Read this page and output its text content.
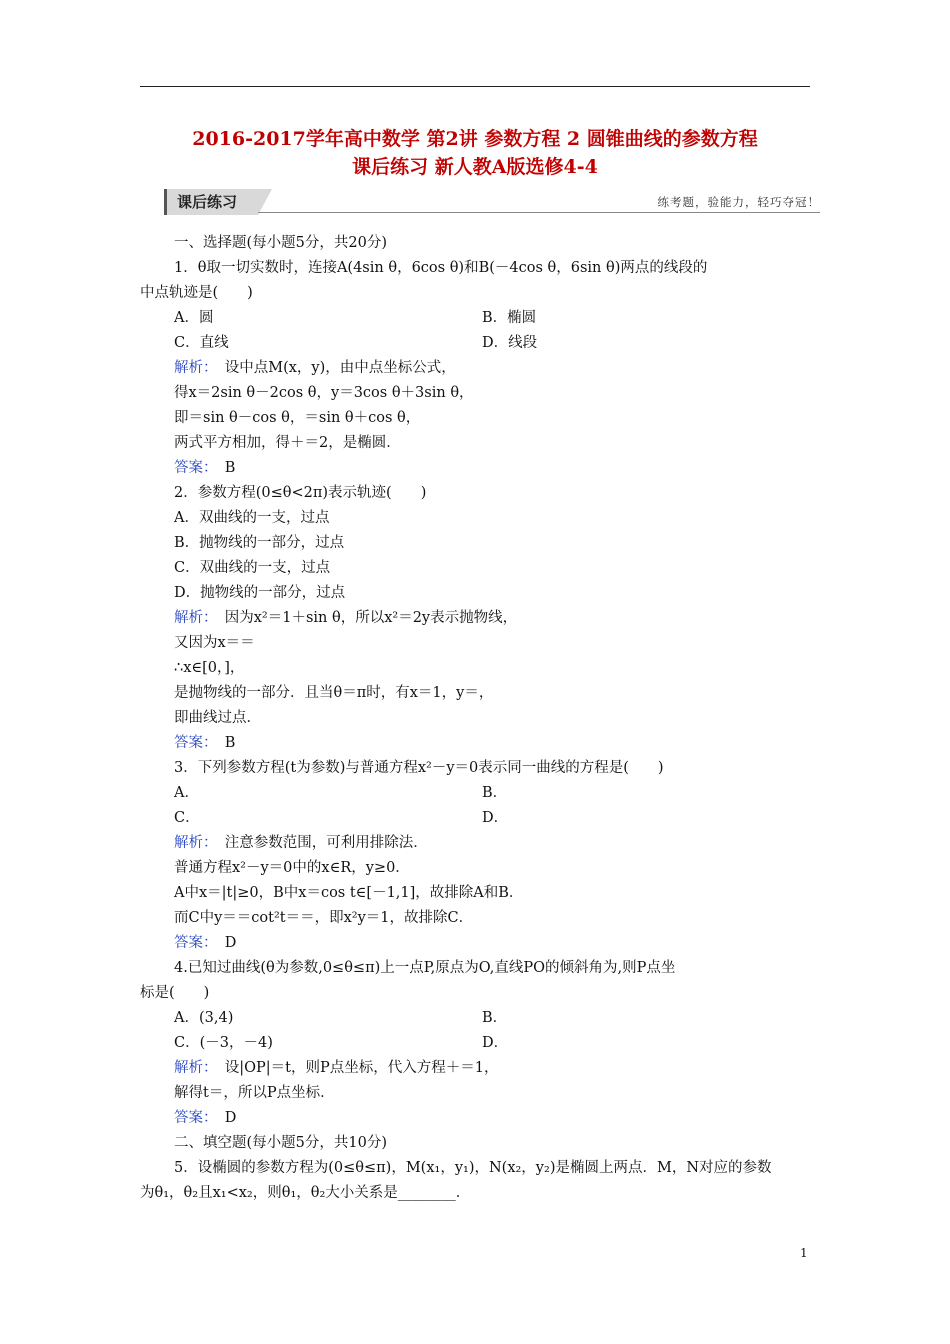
2016-2017学年高中数学 第2讲 参数方程 2 圆锥曲线的参数方程
课后练习 新人教A版选修4-4
课后练习	练考题，验能力，轻巧夺冠！
一、选择题(每小题5分，共20分)
1．θ取一切实数时，连接A(4sin θ，6cos θ)和B(－4cos θ，6sin θ)两点的线段的
中点轨迹是(　　)
A．圆	B．椭圆
C．直线	D．线段
解析：　 设中点M(x，y)，由中点坐标公式，
得x＝2sin θ－2cos θ，y＝3cos θ＋3sin θ，
即＝sin θ－cos θ，＝sin θ＋cos θ，
两式平方相加，得＋＝2，是椭圆．
答案：　 B
2．参数方程(0≤θ<2π)表示轨迹(　　)
A．双曲线的一支，过点
B．抛物线的一部分，过点
C．双曲线的一支，过点
D．抛物线的一部分，过点
解析：　 因为x²＝1＋sin θ，所以x²＝2y表示抛物线，
又因为x＝＝
∴x∈[0，]，
是抛物线的一部分．且当θ＝π时，有x＝1，y＝，
即曲线过点．
答案：　 B
3．下列参数方程(t为参数)与普通方程x²－y＝0表示同一曲线的方程是(　　)
A．	B．
C．	D．
解析：　 注意参数范围，可利用排除法．
普通方程x²－y＝0中的x∈R，y≥0．
A中x＝|t|≥0，B中x＝cos t∈[－1,1]，故排除A和B．
而C中y＝＝cot²t＝＝，即x²y＝1，故排除C．
答案：　 D
4.已知过曲线(θ为参数,0≤θ≤π)上一点P,原点为O,直线PO的倾斜角为,则P点坐
标是(　　)
A．(3,4)	B．
C．(－3，－4)	D．
解析：　 设|OP|＝t，则P点坐标，代入方程＋＝1，
解得t＝，所以P点坐标．
答案：　 D
二、填空题(每小题5分，共10分)
5．设椭圆的参数方程为(0≤θ≤π)，M(x₁，y₁)，N(x₂，y₂)是椭圆上两点．M，N对应的参数
为θ₁，θ₂且x₁<x₂，则θ₁，θ₂大小关系是________．
1
